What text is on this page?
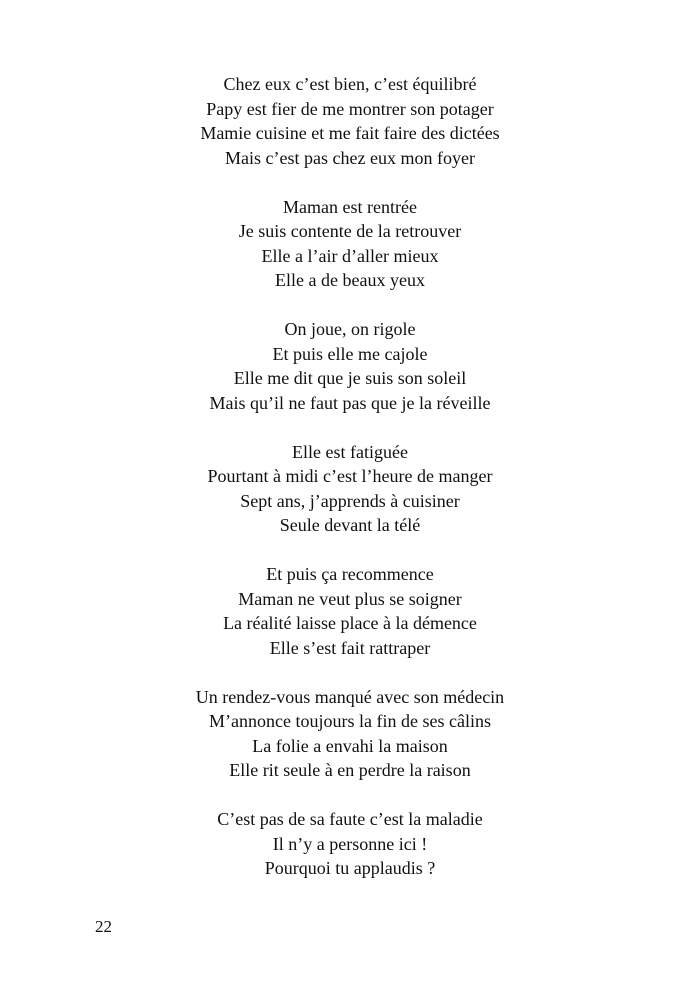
Chez eux c’est bien, c’est équilibré
Papy est fier de me montrer son potager
Mamie cuisine et me fait faire des dictées
Mais c’est pas chez eux mon foyer
Maman est rentrée
Je suis contente de la retrouver
Elle a l’air d’aller mieux
Elle a de beaux yeux
On joue, on rigole
Et puis elle me cajole
Elle me dit que je suis son soleil
Mais qu’il ne faut pas que je la réveille
Elle est fatiguée
Pourtant à midi c’est l’heure de manger
Sept ans, j’apprends à cuisiner
Seule devant la télé
Et puis ça recommence
Maman ne veut plus se soigner
La réalité laisse place à la démence
Elle s’est fait rattraper
Un rendez-vous manqué avec son médecin
M’annonce toujours la fin de ses câlins
La folie a envahi la maison
Elle rit seule à en perdre la raison
C’est pas de sa faute c’est la maladie
Il n’y a personne ici !
Pourquoi tu applaudis ?
22
